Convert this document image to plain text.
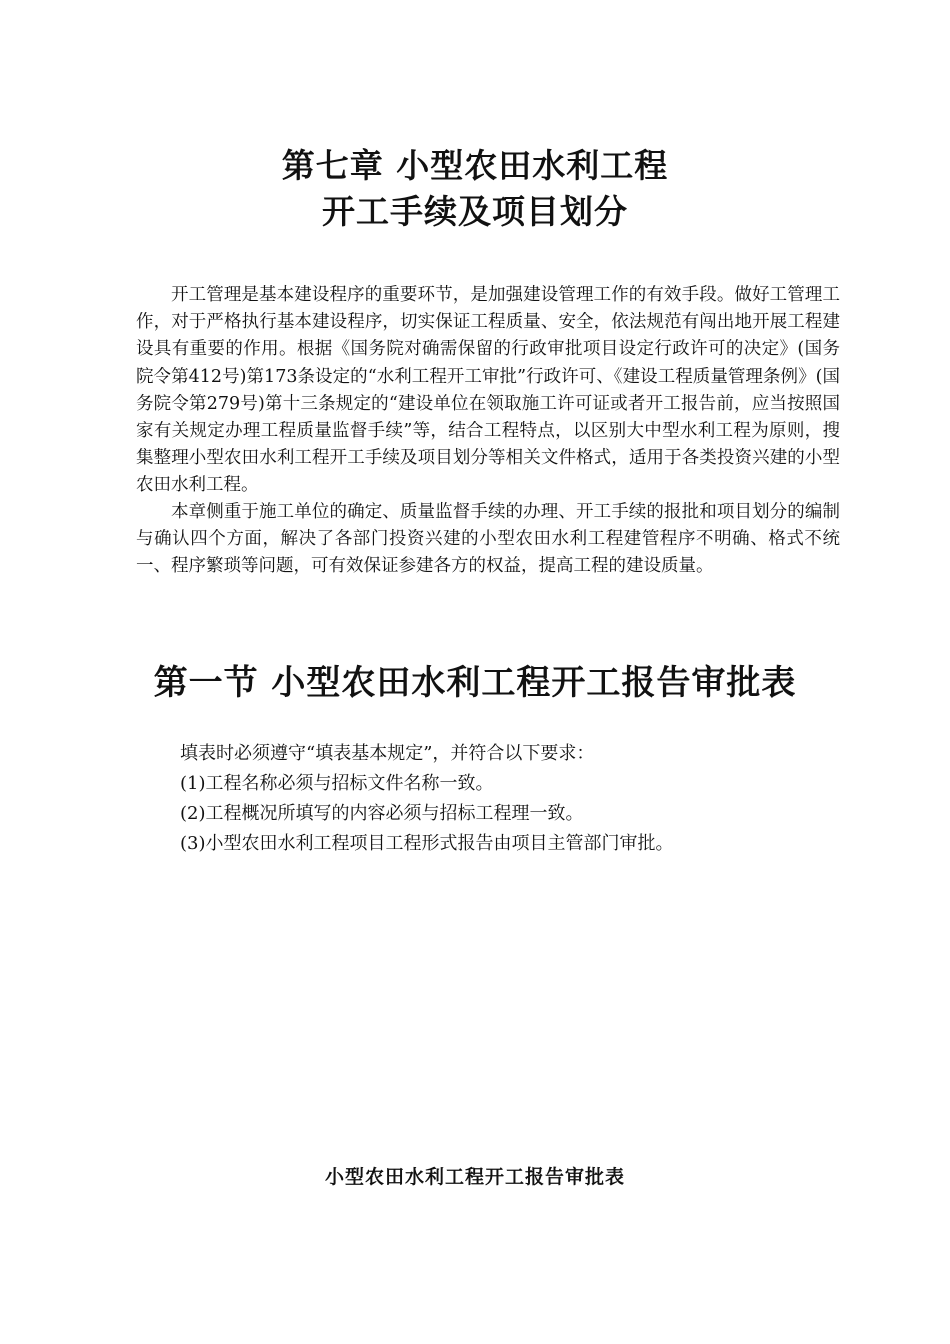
第七章 小型农田水利工程
开工手续及项目划分

开工管理是基本建设程序的重要环节，是加强建设管理工作的有效手段。做好工管理工作，对于严格执行基本建设程序，切实保证工程质量、安全，依法规范有闯出地开展工程建设具有重要的作用。根据《国务院对确需保留的行政审批项目设定行政许可的决定》(国务院令第412号)第173条设定的“水利工程开工审批”行政许可、《建设工程质量管理条例》(国务院令第279号)第十三条规定的“建设单位在领取施工许可证或者开工报告前，应当按照国家有关规定办理工程质量监督手续”等，结合工程特点，以区别大中型水利工程为原则，搜集整理小型农田水利工程开工手续及项目划分等相关文件格式，适用于各类投资兴建的小型农田水利工程。

本章侧重于施工单位的确定、质量监督手续的办理、开工手续的报批和项目划分的编制与确认四个方面，解决了各部门投资兴建的小型农田水利工程建管程序不明确、格式不统一、程序繁琐等问题，可有效保证参建各方的权益，提高工程的建设质量。

第一节 小型农田水利工程开工报告审批表
填表时必须遵守“填表基本规定”，并符合以下要求：
(1)工程名称必须与招标文件名称一致。
(2)工程概况所填写的内容必须与招标工程理一致。
(3)小型农田水利工程项目工程形式报告由项目主管部门审批。
小型农田水利工程开工报告审批表
